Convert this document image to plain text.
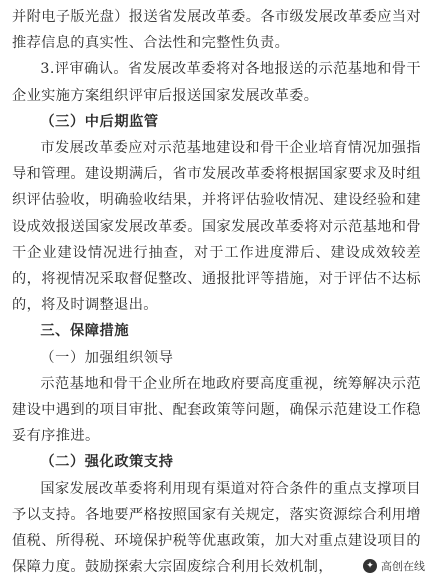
并附电子版光盘）报送省发展改革委。各市级发展改革委应当对推荐信息的真实性、合法性和完整性负责。

3.评审确认。省发展改革委将对各地报送的示范基地和骨干企业实施方案组织评审后报送国家发展改革委。

（三）中后期监管

市发展改革委应对示范基地建设和骨干企业培育情况加强指导和管理。建设期满后，省市发展改革委将根据国家要求及时组织评估验收，明确验收结果，并将评估验收情况、建设经验和建设成效报送国家发展改革委。国家发展改革委将对示范基地和骨干企业建设情况进行抽查，对于工作进度滞后、建设成效较差的，将视情况采取督促整改、通报批评等措施，对于评估不达标的，将及时调整退出。

三、保障措施

（一）加强组织领导

示范基地和骨干企业所在地政府要高度重视，统筹解决示范建设中遇到的项目审批、配套政策等问题，确保示范建设工作稳妥有序推进。

（二）强化政策支持

国家发展改革委将利用现有渠道对符合条件的重点支撑项目予以支持。各地要严格按照国家有关规定，落实资源综合利用增值税、所得税、环境保护税等优惠政策，加大对重点建设项目的保障力度。鼓励探索大宗固废综合利用长效机制，	✦ 高创在线
